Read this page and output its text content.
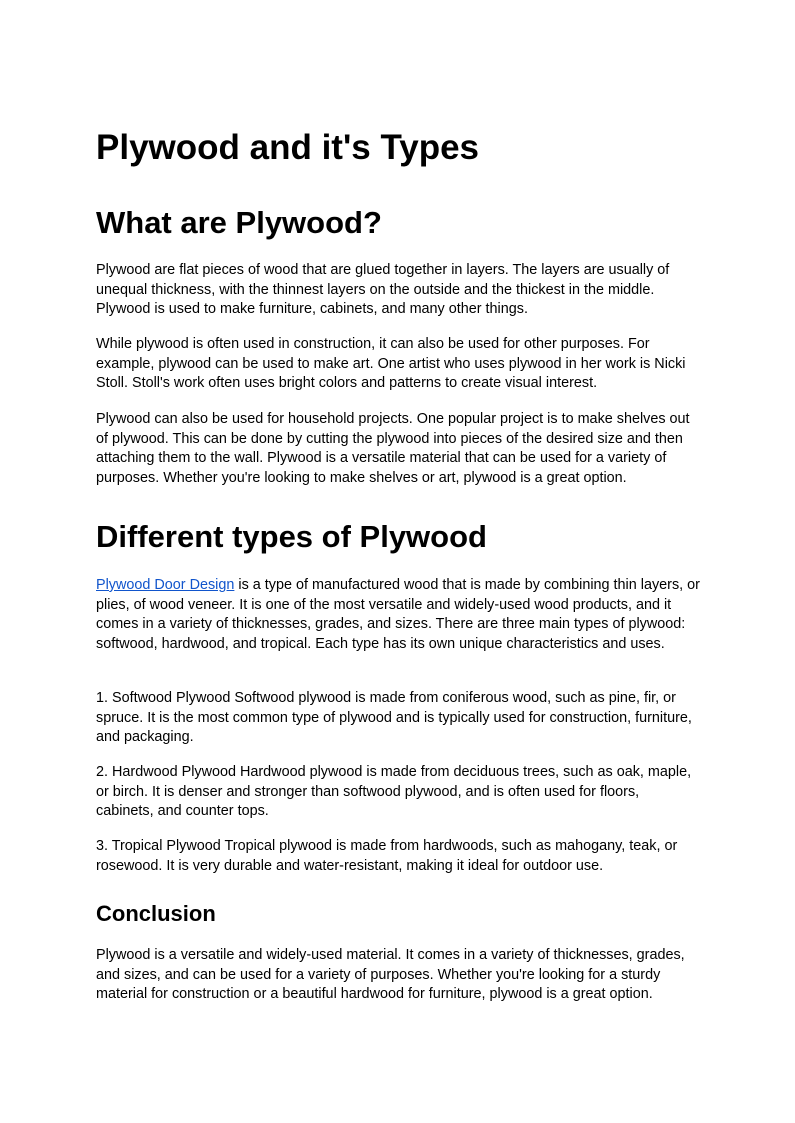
Plywood and it's Types
What are Plywood?

Plywood are flat pieces of wood that are glued together in layers. The layers are usually of unequal thickness, with the thinnest layers on the outside and the thickest in the middle. Plywood is used to make furniture, cabinets, and many other things.

While plywood is often used in construction, it can also be used for other purposes. For example, plywood can be used to make art. One artist who uses plywood in her work is Nicki Stoll. Stoll's work often uses bright colors and patterns to create visual interest.

Plywood can also be used for household projects. One popular project is to make shelves out of plywood. This can be done by cutting the plywood into pieces of the desired size and then attaching them to the wall. Plywood is a versatile material that can be used for a variety of purposes. Whether you're looking to make shelves or art, plywood is a great option.

Different types of Plywood

Plywood Door Design is a type of manufactured wood that is made by combining thin layers, or plies, of wood veneer. It is one of the most versatile and widely-used wood products, and it comes in a variety of thicknesses, grades, and sizes. There are three main types of plywood: softwood, hardwood, and tropical. Each type has its own unique characteristics and uses.

1. Softwood Plywood Softwood plywood is made from coniferous wood, such as pine, fir, or spruce. It is the most common type of plywood and is typically used for construction, furniture, and packaging.

2. Hardwood Plywood Hardwood plywood is made from deciduous trees, such as oak, maple, or birch. It is denser and stronger than softwood plywood, and is often used for floors, cabinets, and counter tops.

3. Tropical Plywood Tropical plywood is made from hardwoods, such as mahogany, teak, or rosewood. It is very durable and water-resistant, making it ideal for outdoor use.

Conclusion

Plywood is a versatile and widely-used material. It comes in a variety of thicknesses, grades, and sizes, and can be used for a variety of purposes. Whether you're looking for a sturdy material for construction or a beautiful hardwood for furniture, plywood is a great option.
